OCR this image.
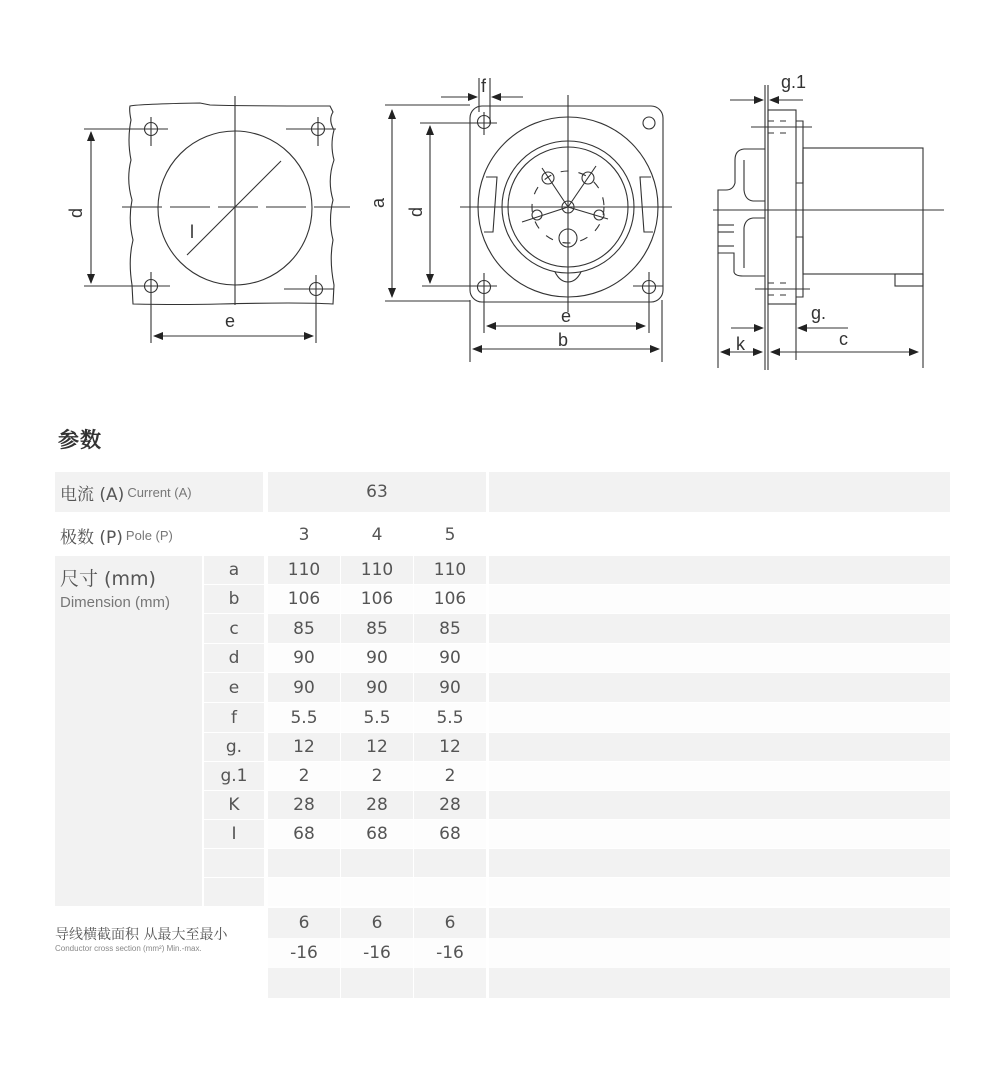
d
e
l
a
d
f
e
b
g.1
g.
k	c
参数
电流 (A) Current (A)	63
极数 (P) Pole (P)	3	4	5
尺寸 (mm)
Dimension (mm)
a	110	110	110
b	106	106	106
c	85	85	85
d	90	90	90
e	90	90	90
f	5.5	5.5	5.5
g.	12	12	12
g.1	2	2	2
K	28	28	28
I	68	68	68
导线横截面积 从最大至最小
Conductor cross section (mm²) Min.-max.
6	6	6
-16	-16	-16
